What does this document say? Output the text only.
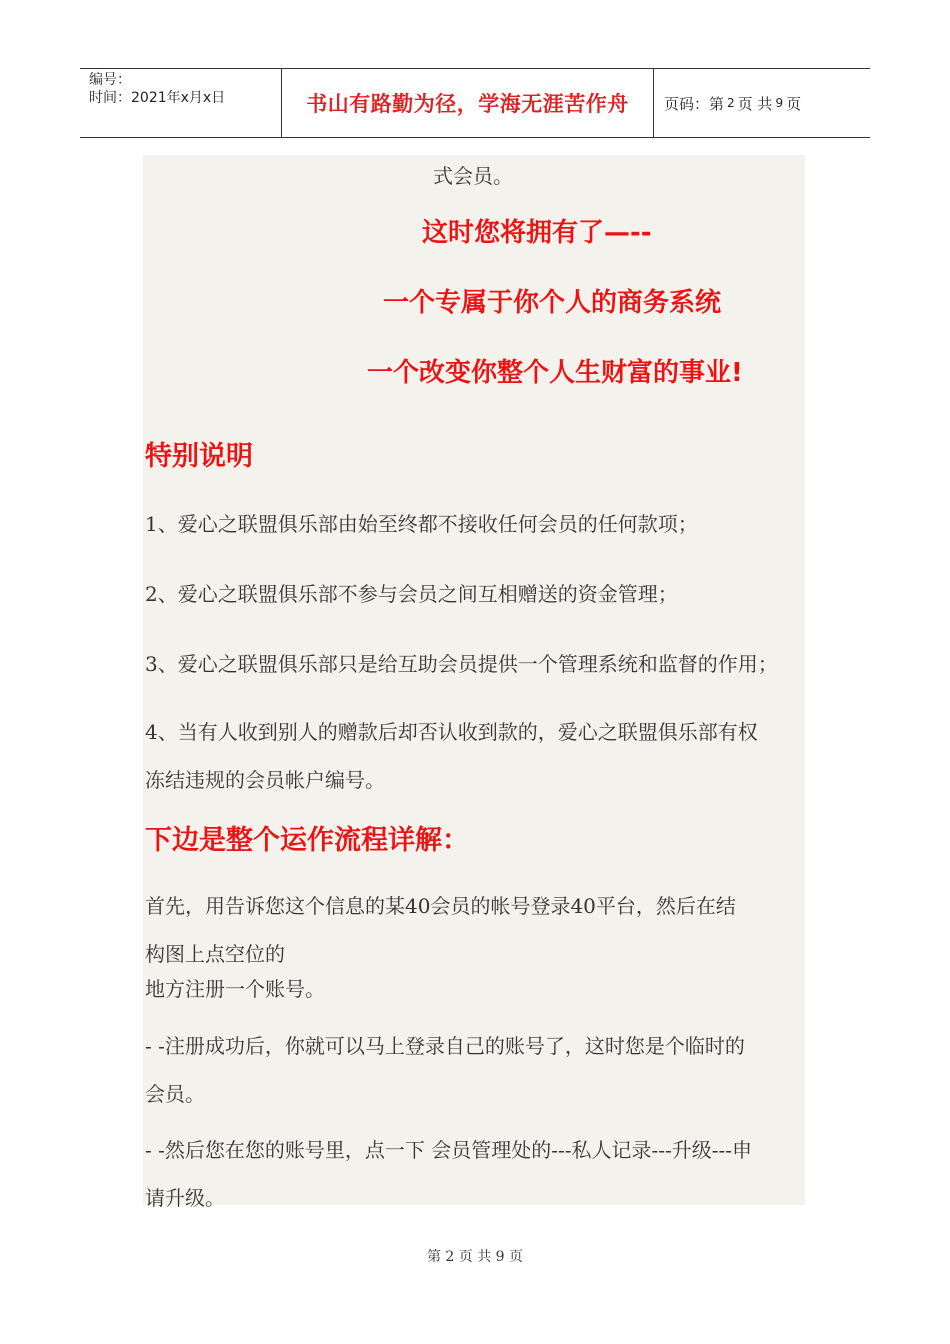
编号：
时间：2021年x月x日	书山有路勤为径，学海无涯苦作舟	页码：第 2 页 共 9 页
式会员。
这时您将拥有了—--
一个专属于你个人的商务系统
一个改变你整个人生财富的事业!
特别说明
1、爱心之联盟俱乐部由始至终都不接收任何会员的任何款项；
2、爱心之联盟俱乐部不参与会员之间互相赠送的资金管理；
3、爱心之联盟俱乐部只是给互助会员提供一个管理系统和监督的作用；
4、当有人收到别人的赠款后却否认收到款的，爱心之联盟俱乐部有权
冻结违规的会员帐户编号。
下边是整个运作流程详解：
首先，用告诉您这个信息的某40会员的帐号登录40平台，然后在结
构图上点空位的
地方注册一个账号。
- -注册成功后，你就可以马上登录自己的账号了，这时您是个临时的
会员。
- -然后您在您的账号里，点一下 会员管理处的---私人记录---升级---申
请升级。
第 2 页 共 9 页
